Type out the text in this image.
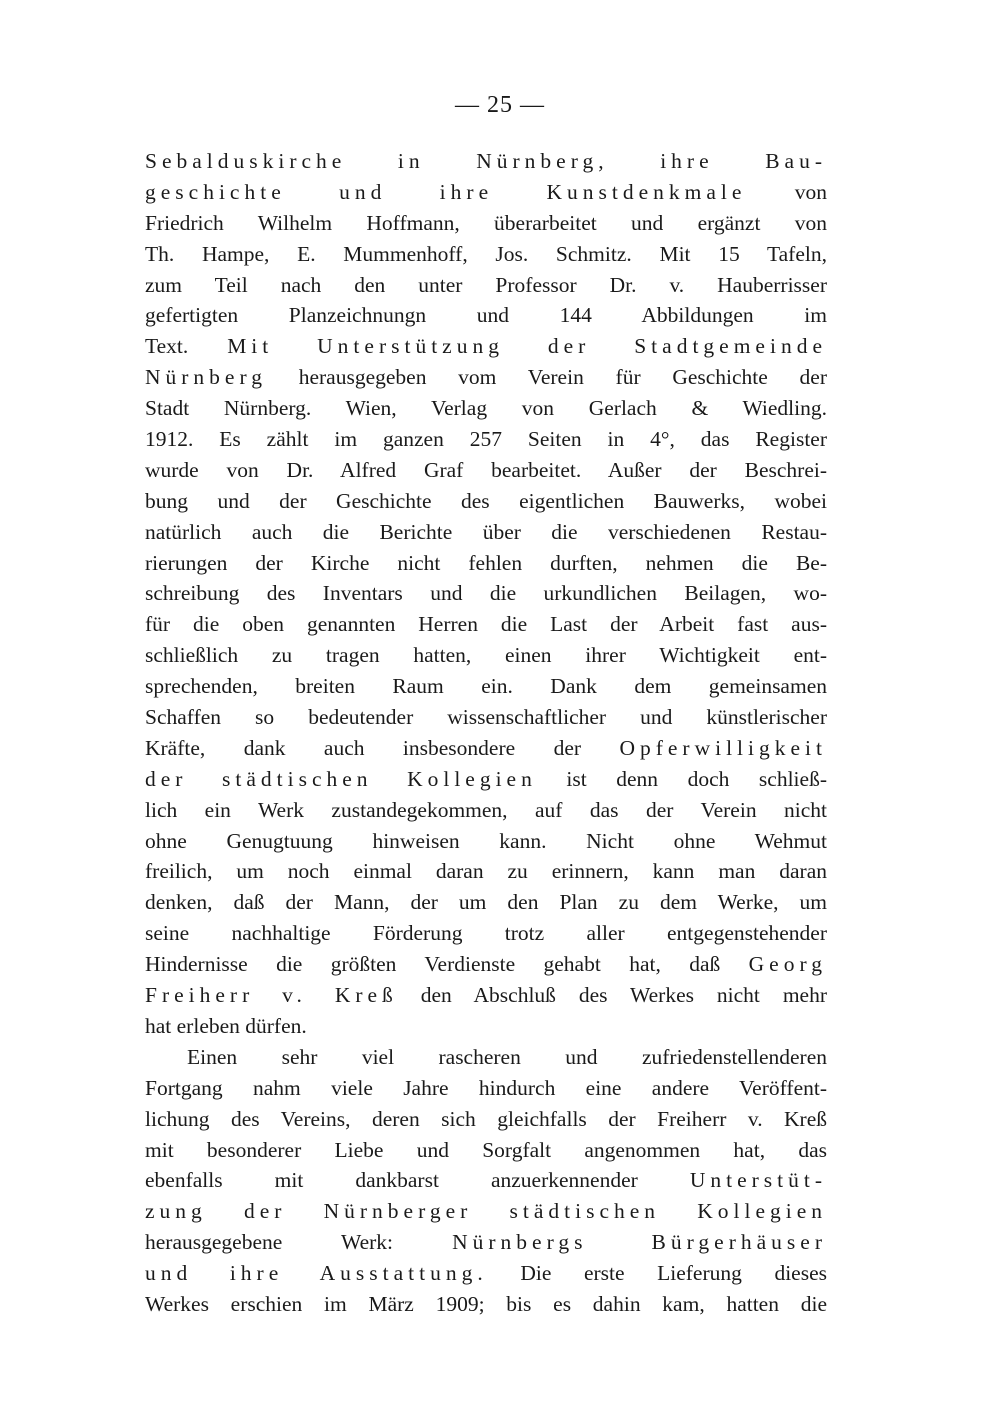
— 25 —
Sebalduskirche in Nürnberg, ihre Bau-
geschichte und ihre Kunstdenkmale von
Friedrich Wilhelm Hoffmann, überarbeitet und ergänzt von
Th. Hampe, E. Mummenhoff, Jos. Schmitz. Mit 15 Tafeln,
zum Teil nach den unter Professor Dr. v. Hauberrisser
gefertigten Planzeichnungn und 144 Abbildungen im
Text. Mit Unterstützung der Stadtgemeinde
Nürnberg herausgegeben vom Verein für Geschichte der
Stadt Nürnberg. Wien, Verlag von Gerlach & Wiedling.
1912. Es zählt im ganzen 257 Seiten in 4°, das Register
wurde von Dr. Alfred Graf bearbeitet. Außer der Beschrei-
bung und der Geschichte des eigentlichen Bauwerks, wobei
natürlich auch die Berichte über die verschiedenen Restau-
rierungen der Kirche nicht fehlen durften, nehmen die Be-
schreibung des Inventars und die urkundlichen Beilagen, wo-
für die oben genannten Herren die Last der Arbeit fast aus-
schließlich zu tragen hatten, einen ihrer Wichtigkeit ent-
sprechenden, breiten Raum ein. Dank dem gemeinsamen
Schaffen so bedeutender wissenschaftlicher und künstlerischer
Kräfte, dank auch insbesondere der Opferwilligkeit
der städtischen Kollegien ist denn doch schließ-
lich ein Werk zustandegekommen, auf das der Verein nicht
ohne Genugtuung hinweisen kann. Nicht ohne Wehmut
freilich, um noch einmal daran zu erinnern, kann man daran
denken, daß der Mann, der um den Plan zu dem Werke, um
seine nachhaltige Förderung trotz aller entgegenstehender
Hindernisse die größten Verdienste gehabt hat, daß Georg
Freiherr v. Kreß den Abschluß des Werkes nicht mehr
hat erleben dürfen.
Einen sehr viel rascheren und zufriedenstellenderen
Fortgang nahm viele Jahre hindurch eine andere Veröffent-
lichung des Vereins, deren sich gleichfalls der Freiherr v. Kreß
mit besonderer Liebe und Sorgfalt angenommen hat, das
ebenfalls mit dankbarst anzuerkennender Unterstüt-
zung der Nürnberger städtischen Kollegien
herausgegebene Werk: Nürnbergs Bürgerhäuser
und ihre Ausstattung. Die erste Lieferung dieses
Werkes erschien im März 1909; bis es dahin kam, hatten die
